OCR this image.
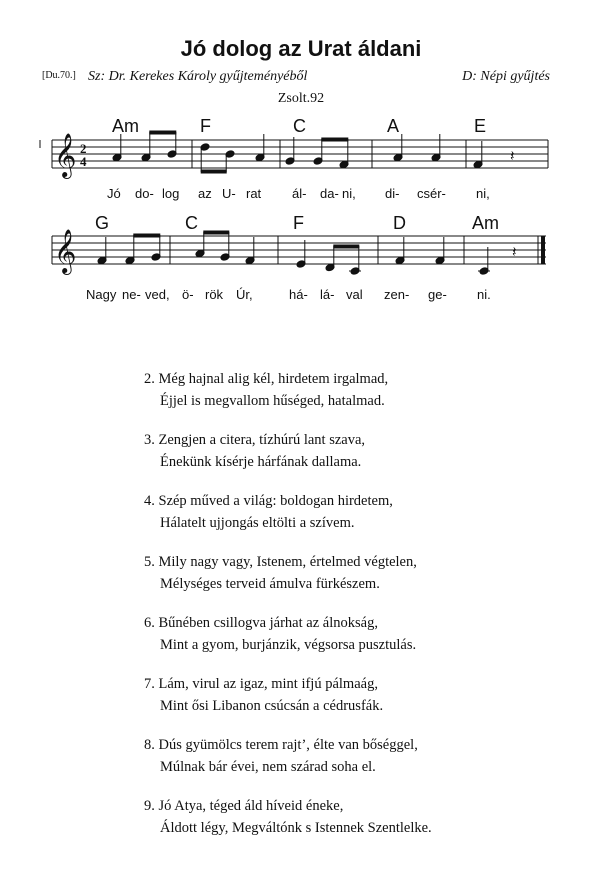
Jó dolog az Urat áldani
[Du.70.] Sz: Dr. Kerekes Károly gyűjteményéből	D: Népi gyűjtés
Zsolt.92
𝄞
𝄞
2
4	𝄽
𝄽
Am	F	C	A	E
G	C	F	D	Am
Jó do- log az U- rat ál- da- ni, di- csér- ni,
Nagy ne- ved, ö- rök Úr,	há- lá- val zen- ge- ni.
2. Még hajnal alig kél, hirdetem irgalmad,
Éjjel is megvallom hűséged, hatalmad.
3. Zengjen a citera, tízhúrú lant szava,
Énekünk kísérje hárfának dallama.
4. Szép műved a világ: boldogan hirdetem,
Hálatelt ujjongás eltölti a szívem.
5. Mily nagy vagy, Istenem, értelmed végtelen,
Mélységes terveid ámulva fürkészem.
6. Bűnében csillogva járhat az álnokság,
Mint a gyom, burjánzik, végsorsa pusztulás.
7. Lám, virul az igaz, mint ifjú pálmaág,
Mint ősi Libanon csúcsán a cédrusfák.
8. Dús gyümölcs terem rajt’, élte van bőséggel,
Múlnak bár évei, nem szárad soha el.
9. Jó Atya, téged áld híveid éneke,
Áldott légy, Megváltónk s Istennek Szentlelke.
